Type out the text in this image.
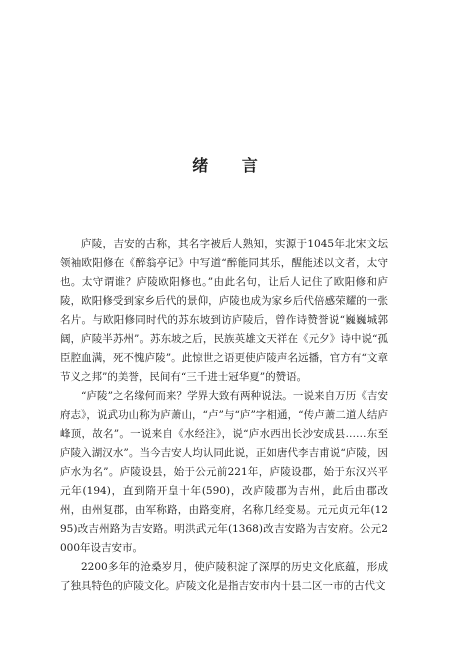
绪 言

庐陵，吉安的古称，其名字被后人熟知，实源于1045年北宋文坛领袖欧阳修在《醉翁亭记》中写道“醉能同其乐，醒能述以文者，太守也。太守谓谁？庐陵欧阳修也。”由此名句，让后人记住了欧阳修和庐陵，欧阳修受到家乡后代的景仰，庐陵也成为家乡后代倍感荣耀的一张名片。与欧阳修同时代的苏东坡到访庐陵后，曾作诗赞誉说“巍巍城郭阔，庐陵半苏州”。苏东坡之后，民族英雄文天祥在《元夕》诗中说“孤臣腔血满，死不愧庐陵”。此惊世之语更使庐陵声名远播，官方有“文章节义之邦”的美誉，民间有“三千进士冠华夏”的赞语。

“庐陵”之名缘何而来？学界大致有两种说法。一说来自万历《吉安府志》，说武功山称为庐萧山，“卢”与“庐”字相通，“传卢萧二道人结庐峰顶，故名”。一说来自《水经注》，说“庐水西出长沙安成县……东至庐陵入湖汉水”。当今吉安人均认同此说，正如唐代李吉甫说“庐陵，因庐水为名”。庐陵设县，始于公元前221年，庐陵设郡，始于东汉兴平元年(194)，直到隋开皇十年(590)，改庐陵郡为吉州，此后由郡改州，由州复郡，由军称路，由路变府，名称几经变易。元元贞元年(1295)改吉州路为吉安路。明洪武元年(1368)改吉安路为吉安府。公元2000年设吉安市。

2200多年的沧桑岁月，使庐陵积淀了深厚的历史文化底蕴，形成了独具特色的庐陵文化。庐陵文化是指吉安市内十县二区一市的古代文
